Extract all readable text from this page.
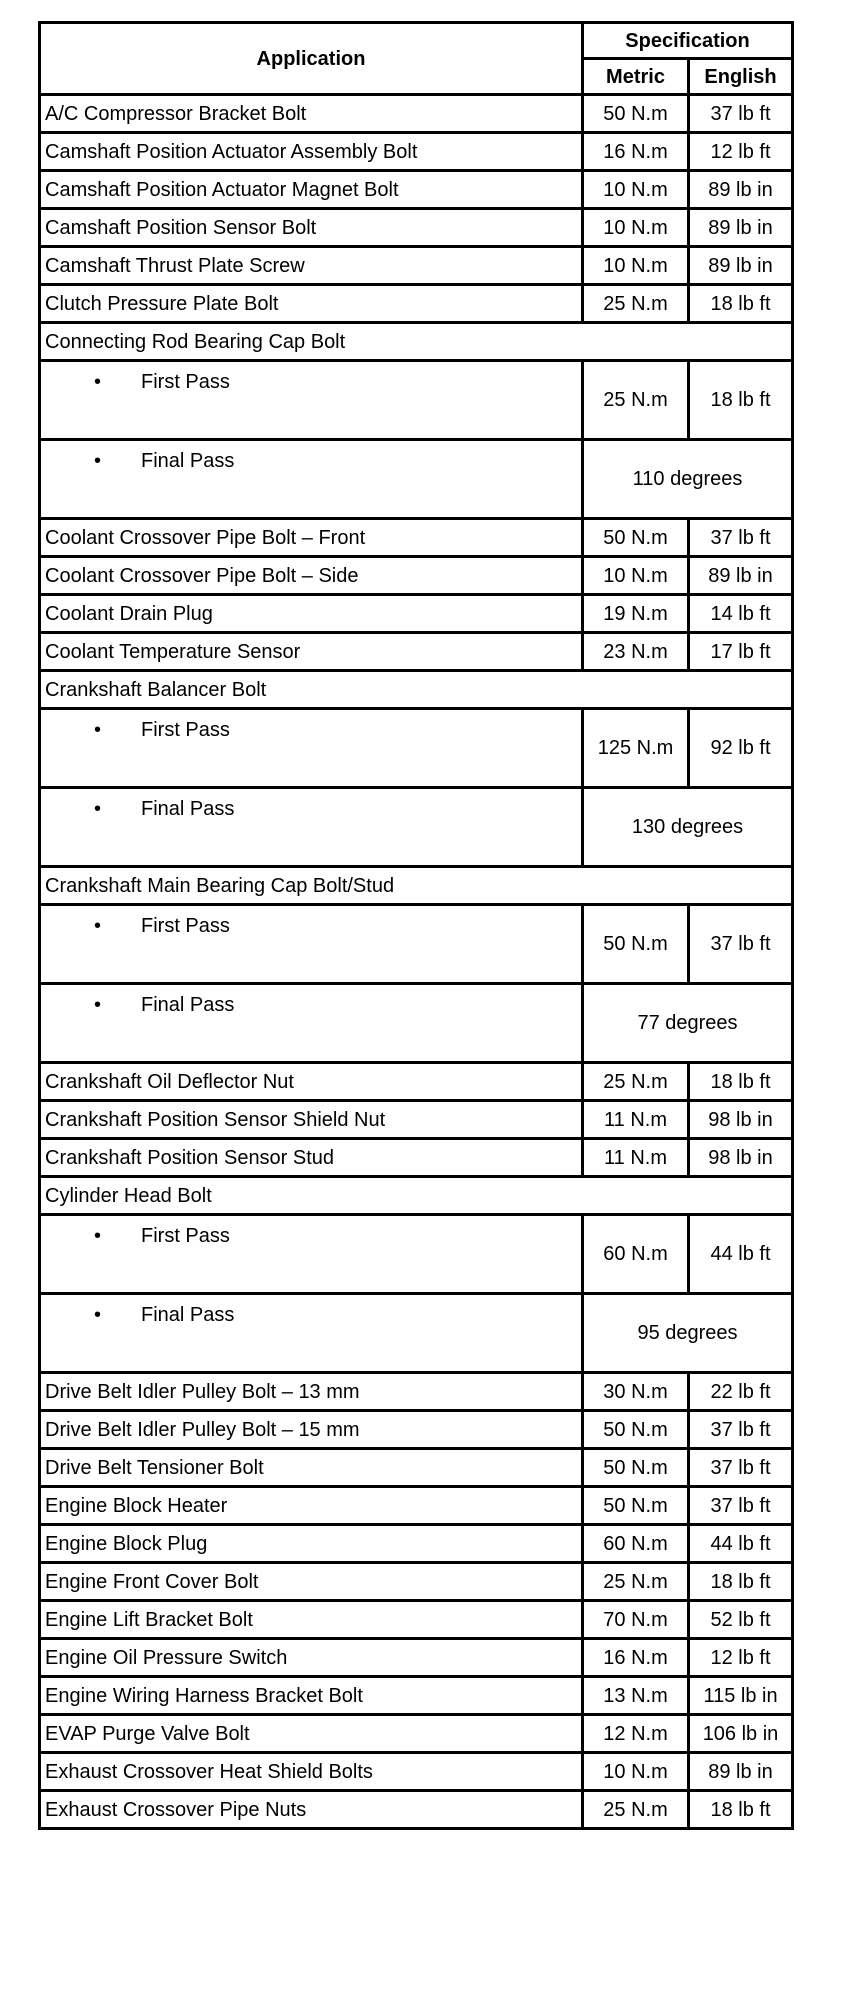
Application	Specification	
	Metric	English
A/C Compressor Bracket Bolt	50 N.m	37 lb ft
Camshaft Position Actuator Assembly Bolt	16 N.m	12 lb ft
Camshaft Position Actuator Magnet Bolt	10 N.m	89 lb in
Camshaft Position Sensor Bolt	10 N.m	89 lb in
Camshaft Thrust Plate Screw	10 N.m	89 lb in
Clutch Pressure Plate Bolt	25 N.m	18 lb ft
Connecting Rod Bearing Cap Bolt		

• First Pass	25 N.m	18 lb ft

• Final Pass	110 degrees	
Coolant Crossover Pipe Bolt – Front	50 N.m	37 lb ft
Coolant Crossover Pipe Bolt – Side	10 N.m	89 lb in
Coolant Drain Plug	19 N.m	14 lb ft
Coolant Temperature Sensor	23 N.m	17 lb ft
Crankshaft Balancer Bolt		

• First Pass	125 N.m	92 lb ft

• Final Pass	130 degrees	
Crankshaft Main Bearing Cap Bolt/Stud		

• First Pass	50 N.m	37 lb ft

• Final Pass	77 degrees	
Crankshaft Oil Deflector Nut	25 N.m	18 lb ft
Crankshaft Position Sensor Shield Nut	11 N.m	98 lb in
Crankshaft Position Sensor Stud	11 N.m	98 lb in
Cylinder Head Bolt		

• First Pass	60 N.m	44 lb ft

• Final Pass	95 degrees	
Drive Belt Idler Pulley Bolt – 13 mm	30 N.m	22 lb ft
Drive Belt Idler Pulley Bolt – 15 mm	50 N.m	37 lb ft
Drive Belt Tensioner Bolt	50 N.m	37 lb ft
Engine Block Heater	50 N.m	37 lb ft
Engine Block Plug	60 N.m	44 lb ft
Engine Front Cover Bolt	25 N.m	18 lb ft
Engine Lift Bracket Bolt	70 N.m	52 lb ft
Engine Oil Pressure Switch	16 N.m	12 lb ft
Engine Wiring Harness Bracket Bolt	13 N.m	115 lb in
EVAP Purge Valve Bolt	12 N.m	106 lb in
Exhaust Crossover Heat Shield Bolts	10 N.m	89 lb in
Exhaust Crossover Pipe Nuts	25 N.m	18 lb ft
